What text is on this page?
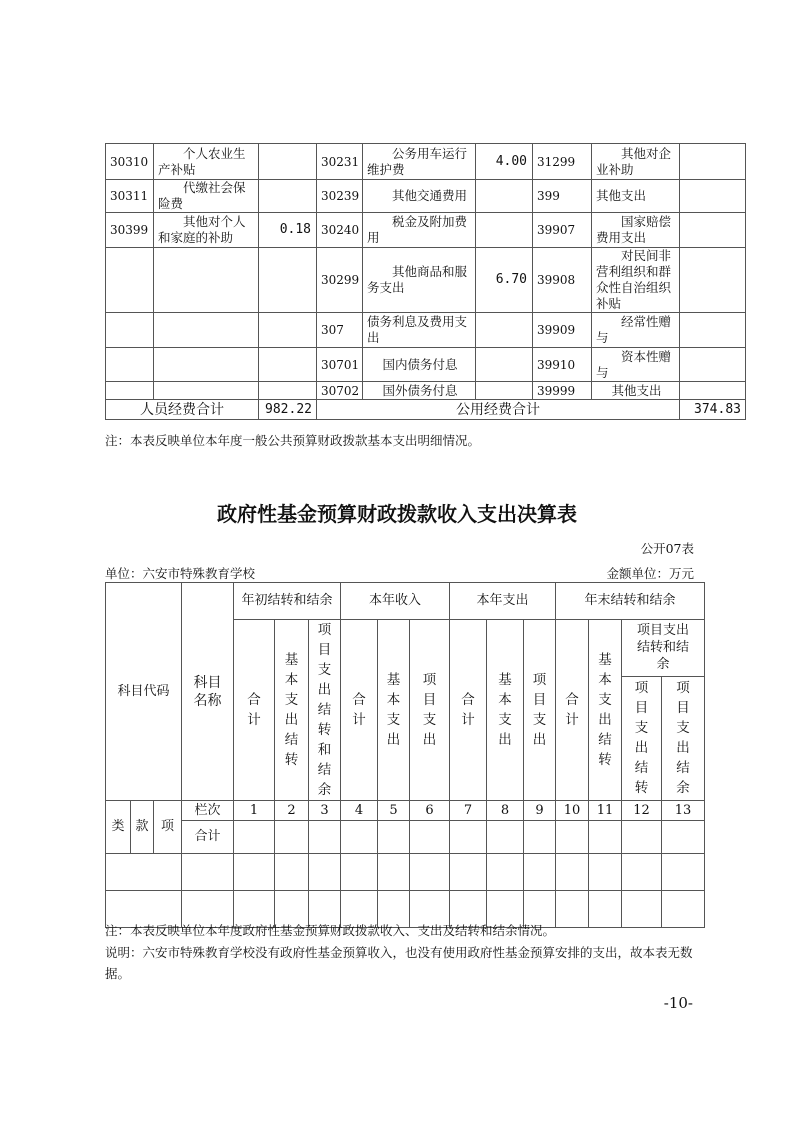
30310	个人农业生产补贴		30231	公务用车运行维护费	4.00	31299	其他对企业补助	
30311	代缴社会保险费		30239	其他交通费用		399	其他支出	
30399	其他对个人和家庭的补助	0.18	30240	税金及附加费用		39907	国家赔偿费用支出	
			30299	其他商品和服务支出	6.70	39908	对民间非营利组织和群众性自治组织补贴	
			307	债务利息及费用支出		39909	经常性赠与	
			30701	国内债务付息		39910	资本性赠与	
			30702	国外债务付息		39999	其他支出	
人员经费合计		982.22	公用经费合计					374.83
注：本表反映单位本年度一般公共预算财政拨款基本支出明细情况。
政府性基金预算财政拨款收入支出决算表
公开07表
单位：六安市特殊教育学校	金额单位：万元
科目代码			科目名称	年初结转和结余			本年收入			本年支出			年末结转和结余			
				合计	基本支出结转	项目支出结转和结余	合计	基本支出	项目支出	合计	基本支出	项目支出	合计	基本支出结转	项目支出结转和结余	
															项目支出结转	项目支出结余
类	款	项	栏次	1	2	3	4	5	6	7	8	9	10	11	12	13
			合计													

注：本表反映单位本年度政府性基金预算财政拨款收入、支出及结转和结余情况。
说明：六安市特殊教育学校没有政府性基金预算收入，也没有使用政府性基金预算安排的支出，故本表无数据。
-10-
